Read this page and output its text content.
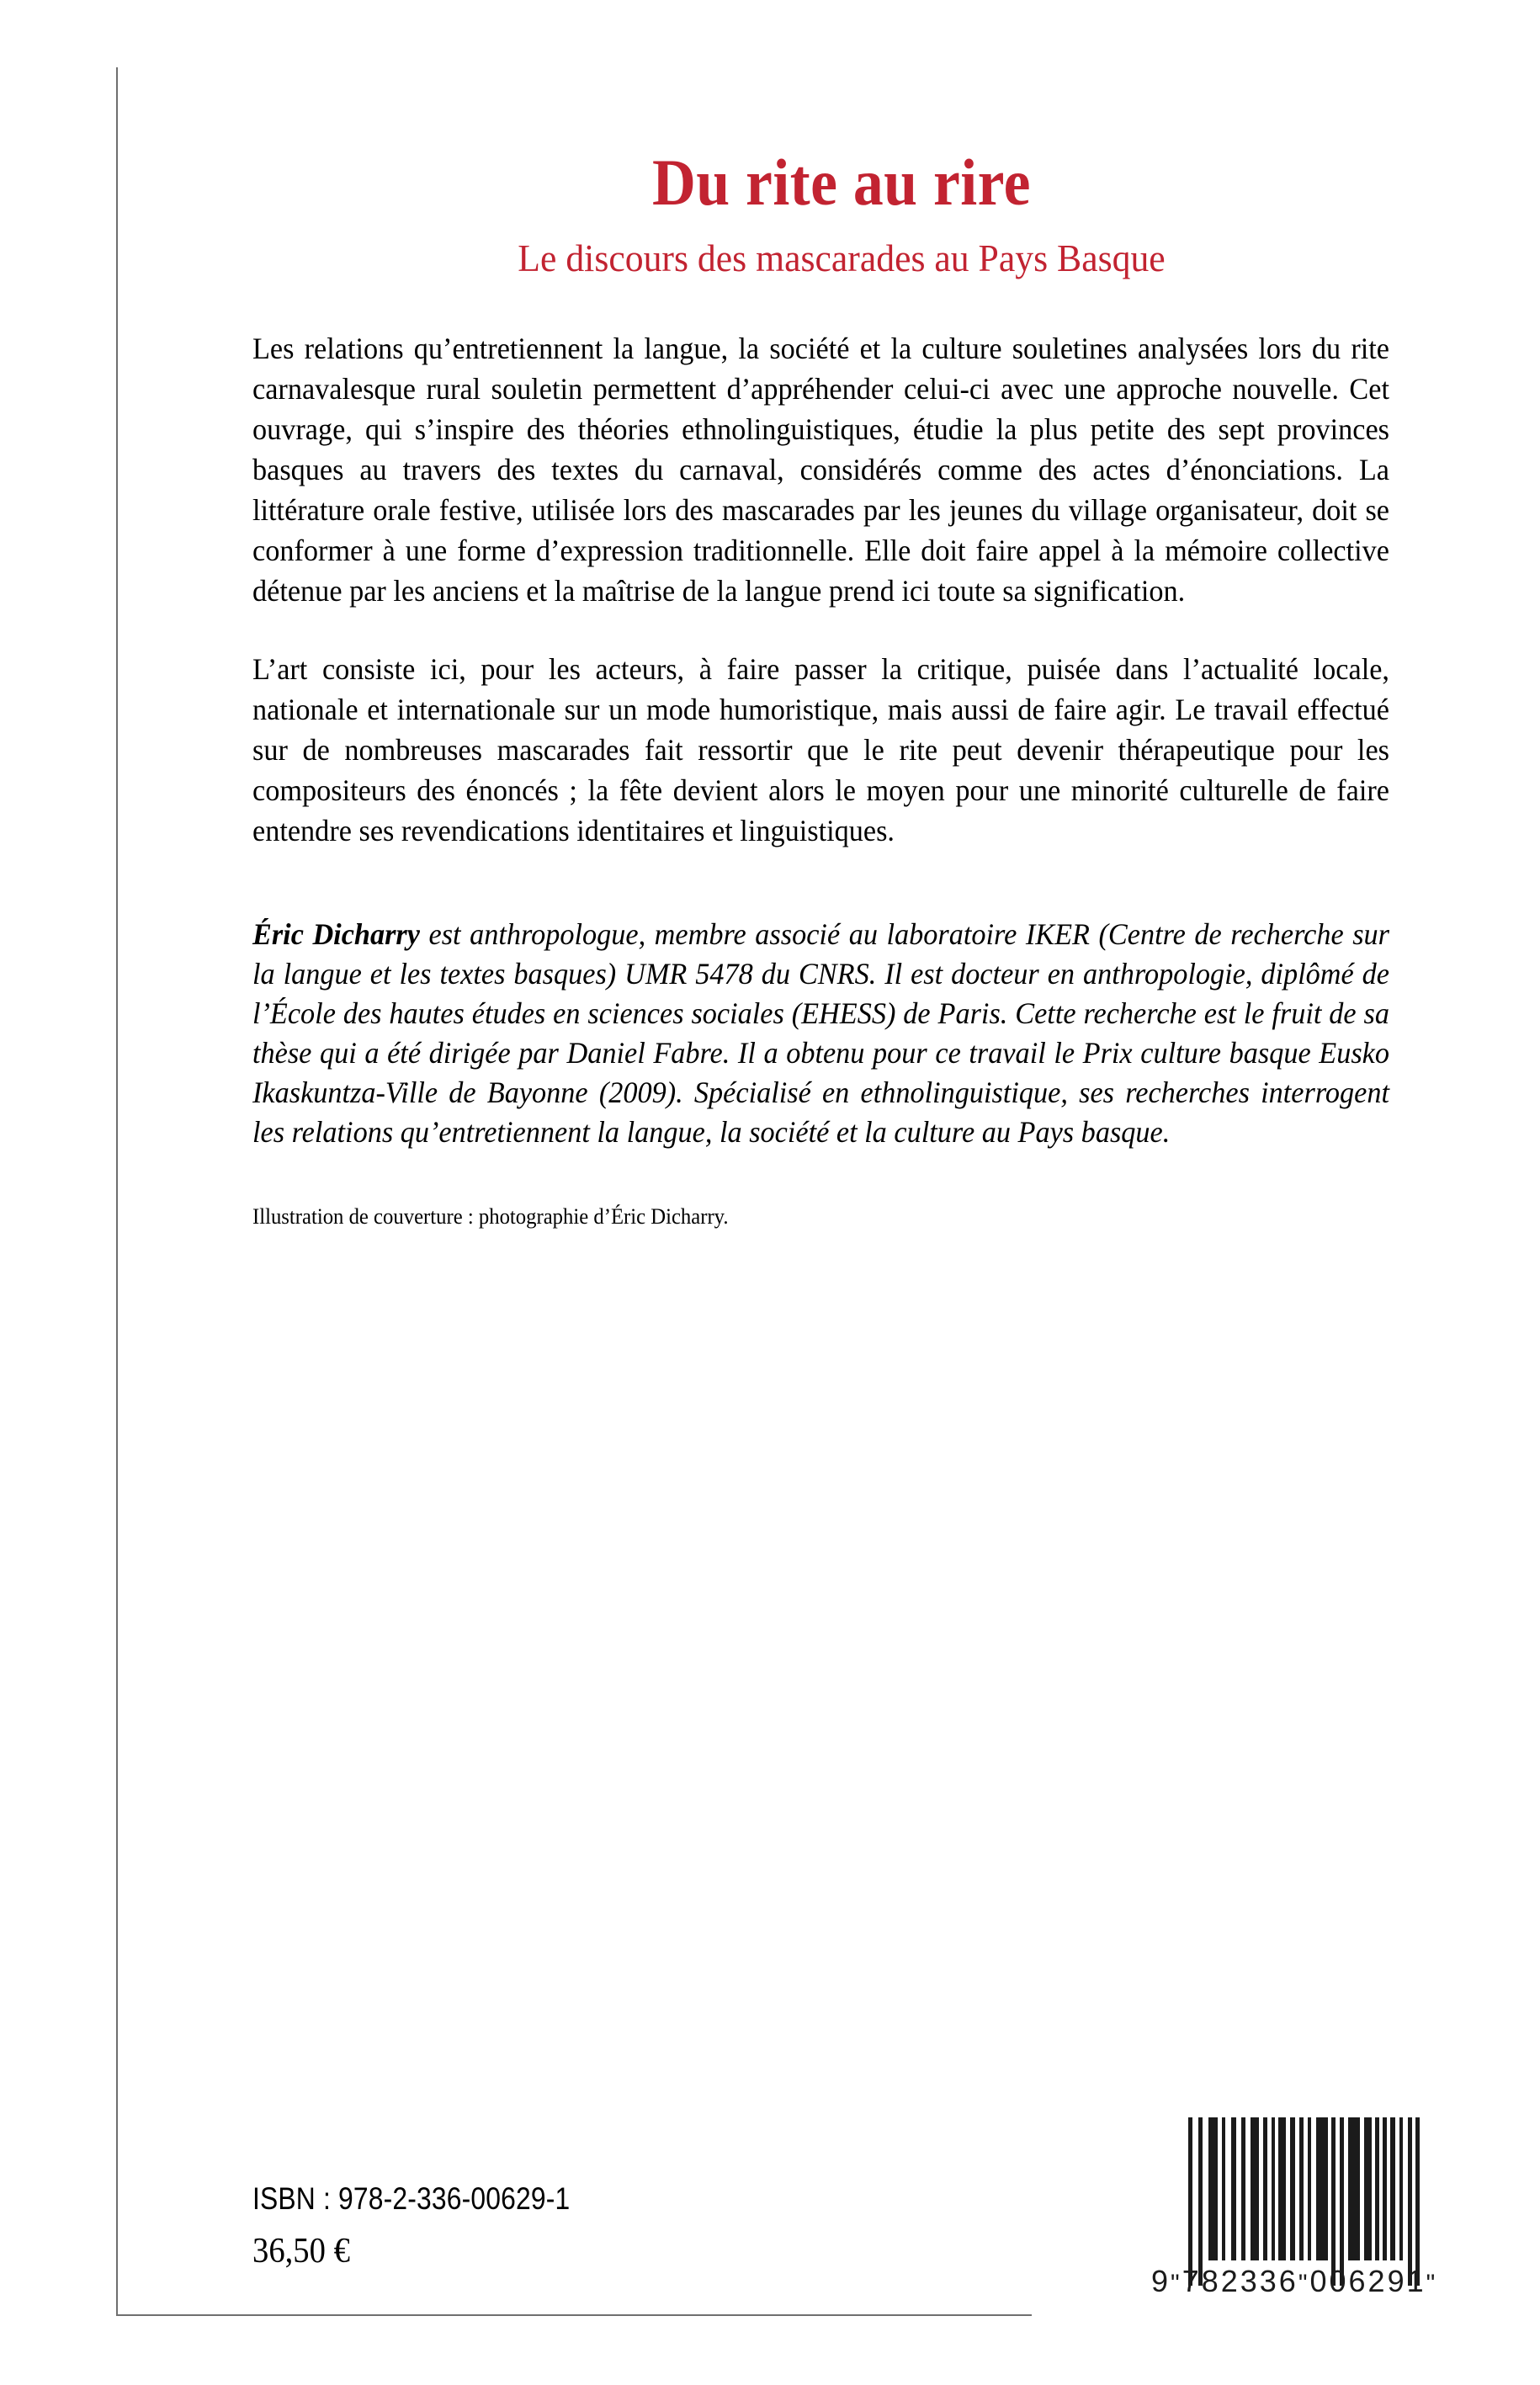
Du rite au rire
Le discours des mascarades au Pays Basque

Les relations qu’entretiennent la langue, la société et la culture souletines analysées lors du rite carnavalesque rural souletin permettent d’appréhender celui-ci avec une approche nouvelle. Cet ouvrage, qui s’inspire des théories ethnolinguistiques, étudie la plus petite des sept provinces basques au travers des textes du carnaval, considérés comme des actes d’énonciations. La littérature orale festive, utilisée lors des mascarades par les jeunes du village organisateur, doit se conformer à une forme d’expression traditionnelle. Elle doit faire appel à la mémoire collective détenue par les anciens et la maîtrise de la langue prend ici toute sa signification.

L’art consiste ici, pour les acteurs, à faire passer la critique, puisée dans l’actualité locale, nationale et internationale sur un mode humoristique, mais aussi de faire agir. Le travail effectué sur de nombreuses mascarades fait ressortir que le rite peut devenir thérapeutique pour les compositeurs des énoncés ; la fête devient alors le moyen pour une minorité culturelle de faire entendre ses revendications identitaires et linguistiques.

Éric Dicharry est anthropologue, membre associé au laboratoire IKER (Centre de recherche sur la langue et les textes basques) UMR 5478 du CNRS. Il est docteur en anthropologie, diplômé de l’École des hautes études en sciences sociales (EHESS) de Paris. Cette recherche est le fruit de sa thèse qui a été dirigée par Daniel Fabre. Il a obtenu pour ce travail le Prix culture basque Eusko Ikaskuntza-Ville de Bayonne (2009). Spécialisé en ethnolinguistique, ses recherches interrogent les relations qu’entretiennent la langue, la société et la culture au Pays basque.

Illustration de couverture : photographie d’Éric Dicharry.

ISBN : 978-2-336-00629-1
36,50 €
9"782336"006291"
